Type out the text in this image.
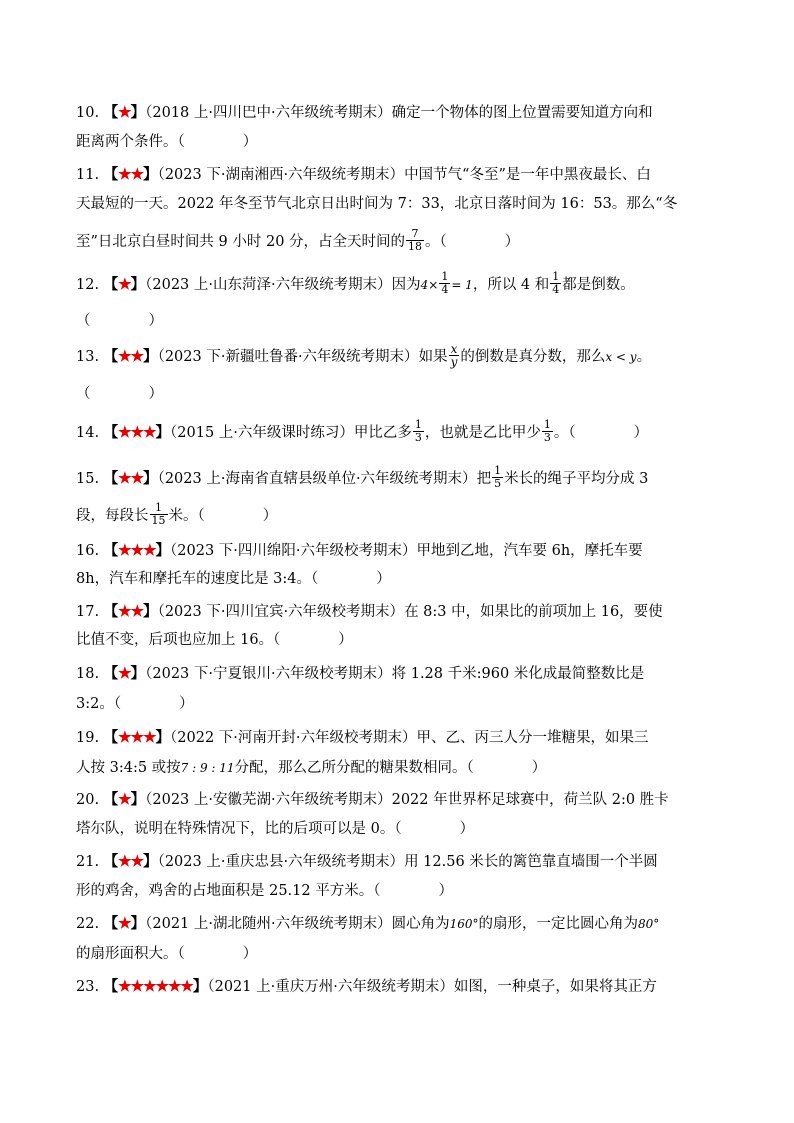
10. 【★】（2018 上·四川巴中·六年级统考期末）确定一个物体的图上位置需要知道方向和
距离两个条件。（　　　　）
11. 【★★】（2023 下·湖南湘西·六年级统考期末）中国节气“冬至”是一年中黑夜最长、白
天最短的一天。2022 年冬至节气北京日出时间为 7：33，北京日落时间为 16：53。那么“冬
至”日北京白昼时间共 9 小时 20 分，占全天时间的 $\frac{7}{18}$ 。（　　　　）
12. 【★】（2023 上·山东菏泽·六年级统考期末）因为$4\times \frac{1}{4} = 1$，所以 4 和 $\frac{1}{4}$ 都是倒数。
（　　　　）
13. 【★★】（2023 下·新疆吐鲁番·六年级统考期末）如果 $\frac{x}{y}$ 的倒数是真分数，那么x < y。
（　　　　）
14. 【★★★】（2015 上·六年级课时练习）甲比乙多 $\frac{1}{3}$ ，也就是乙比甲少 $\frac{1}{3}$ 。（　　　　）
15. 【★★】（2023 上·海南省直辖县级单位·六年级统考期末）把 $\frac{1}{5}$ 米长的绳子平均分成 3
段，每段长 $\frac{1}{15}$ 米。（　　　　）
16. 【★★★】（2023 下·四川绵阳·六年级校考期末）甲地到乙地，汽车要 6h，摩托车要
8h，汽车和摩托车的速度比是 3:4。（　　　　）
17. 【★★】（2023 下·四川宜宾·六年级校考期末）在 8:3 中，如果比的前项加上 16，要使
比值不变，后项也应加上 16。（　　　　）
18. 【★】（2023 下·宁夏银川·六年级校考期末）将 1.28 千米:960 米化成最简整数比是
3:2。（　　　　）
19. 【★★★】（2022 下·河南开封·六年级校考期末）甲、乙、丙三人分一堆糖果，如果三
人按 3:4:5 或按7 : 9 : 11分配，那么乙所分配的糖果数相同。（　　　　）
20. 【★】（2023 上·安徽芜湖·六年级统考期末）2022 年世界杯足球赛中，荷兰队 2:0 胜卡
塔尔队，说明在特殊情况下，比的后项可以是 0。（　　　　）
21. 【★★】（2023 上·重庆忠县·六年级统考期末）用 12.56 米长的篱笆靠直墙围一个半圆
形的鸡舍，鸡舍的占地面积是 25.12 平方米。（　　　　）
22. 【★】（2021 上·湖北随州·六年级统考期末）圆心角为160°的扇形，一定比圆心角为80°
的扇形面积大。（　　　　）
23. 【★★★★★★】（2021 上·重庆万州·六年级统考期末）如图，一种桌子，如果将其正方
